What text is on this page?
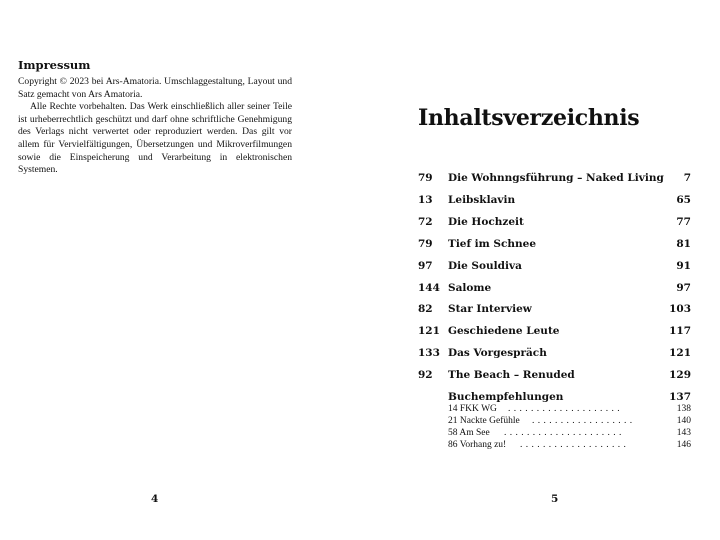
Impressum

Copyright © 2023 bei Ars-Amatoria. Umschlaggestaltung, Layout und Satz gemacht von Ars Amatoria.

Alle Rechte vorbehalten. Das Werk einschließlich aller seiner Teile ist urheberrechtlich geschützt und darf ohne schriftliche Genehmigung des Verlags nicht verwertet oder reproduziert werden. Das gilt vor allem für Vervielfältigungen, Übersetzungen und Mikroverfilmungen sowie die Einspeicherung und Verarbeitung in elektronischen Systemen.

4
Inhaltsverzeichnis
79 Die Wohnngsführung – Naked Living 7
13 Leibsklavin	65
72 Die Hochzeit	77
79 Tief im Schnee	81
97 Die Souldiva	91
144 Salome	97
82 Star Interview	103
121 Geschiedene Leute	117
133 Das Vorgespräch	121
92 The Beach – Renuded	129
Buchempfehlungen	137
14 FKK WG . . . . . . . . . . . . . . . . . . . .	138
21 Nackte Gefühle . . . . . . . . . . . . . . . . . .	140
58 Am See . . . . . . . . . . . . . . . . . . . . .	143
86 Vorhang zu! . . . . . . . . . . . . . . . . . . .	146
5
